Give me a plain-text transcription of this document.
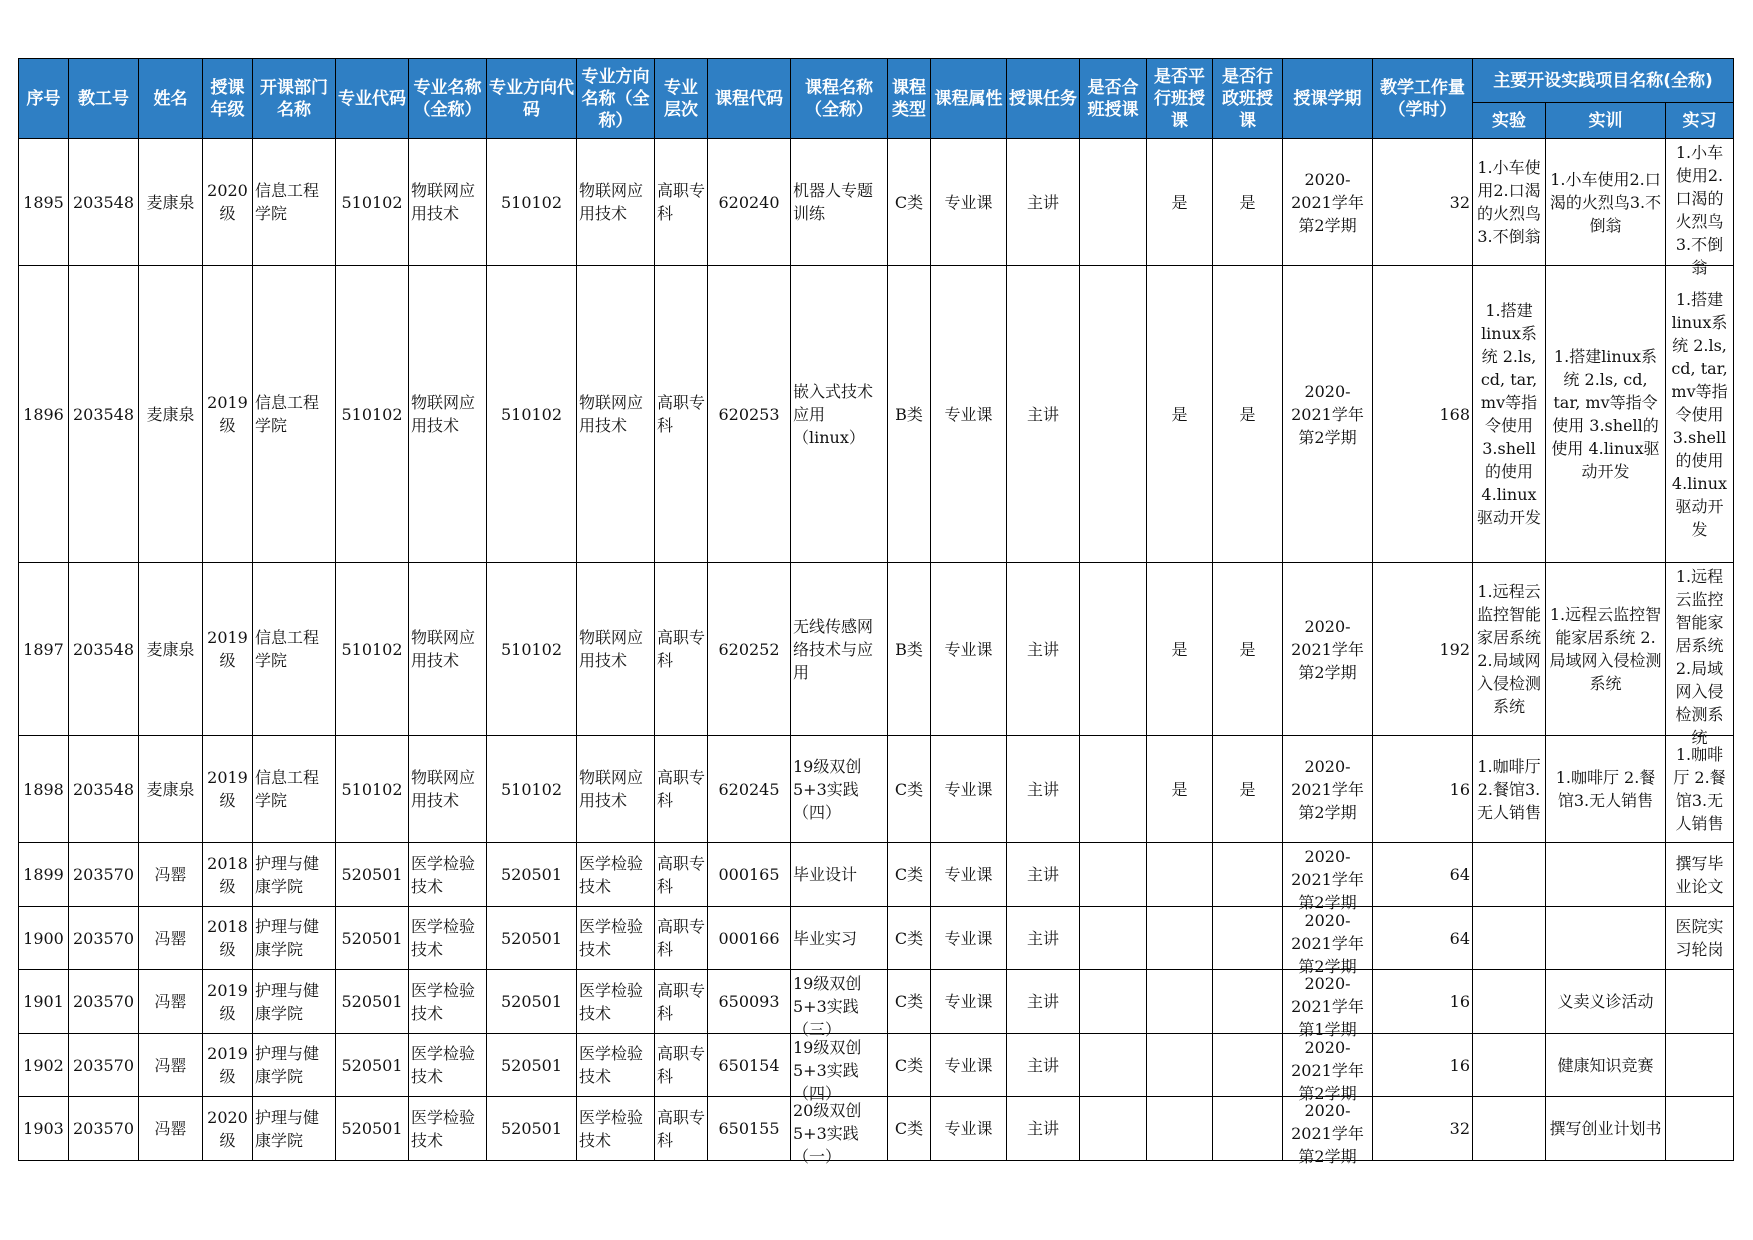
序号	教工号	姓名	授课年级	开课部门名称	专业代码	专业名称（全称）	专业方向代码	专业方向名称（全称）	专业层次	课程代码	课程名称（全称）	课程类型	课程属性	授课任务	是否合班授课	是否平行班授课	是否行政班授课	授课学期	教学工作量（学时）	主要开设实践项目名称(全称)		
																				实验	实训	实习

1895	203548	麦康泉	2020级	信息工程学院	510102	物联网应用技术	510102	物联网应用技术	高职专科	620240	机器人专题训练	C类	专业课	主讲		是	是	2020-2021学年第2学期	32	1.小车使用2.口渴的火烈鸟3.不倒翁	1.小车使用2.口渴的火烈鸟3.不倒翁	1.小车使用2.口渴的火烈鸟3.不倒翁

1896	203548	麦康泉	2019级	信息工程学院	510102	物联网应用技术	510102	物联网应用技术	高职专科	620253	嵌入式技术应用（linux）	B类	专业课	主讲		是	是	2020-2021学年第2学期	168	1.搭建linux系统 2.ls, cd, tar, mv等指令使用 3.shell的使用 4.linux驱动开发	1.搭建linux系统 2.ls, cd, tar, mv等指令使用 3.shell的使用 4.linux驱动开发	1.搭建linux系统 2.ls, cd, tar, mv等指令使用 3.shell的使用 4.linux驱动开发

1897	203548	麦康泉	2019级	信息工程学院	510102	物联网应用技术	510102	物联网应用技术	高职专科	620252	无线传感网络技术与应用	B类	专业课	主讲		是	是	2020-2021学年第2学期	192	1.远程云监控智能家居系统 2.局域网入侵检测系统	1.远程云监控智能家居系统 2.局域网入侵检测系统	1.远程云监控智能家居系统 2.局域网入侵检测系统

1898	203548	麦康泉	2019级	信息工程学院	510102	物联网应用技术	510102	物联网应用技术	高职专科	620245	19级双创5+3实践（四）	C类	专业课	主讲		是	是	2020-2021学年第2学期	16	1.咖啡厅 2.餐馆3.无人销售	1.咖啡厅 2.餐馆3.无人销售	1.咖啡厅 2.餐馆3.无人销售

1899	203570	冯罂	2018级	护理与健康学院	520501	医学检验技术	520501	医学检验技术	高职专科	000165	毕业设计	C类	专业课	主讲				2020-2021学年第2学期	64			撰写毕业论文

1900	203570	冯罂	2018级	护理与健康学院	520501	医学检验技术	520501	医学检验技术	高职专科	000166	毕业实习	C类	专业课	主讲				2020-2021学年第2学期	64			医院实习轮岗

1901	203570	冯罂	2019级	护理与健康学院	520501	医学检验技术	520501	医学检验技术	高职专科	650093	19级双创5+3实践（三）	C类	专业课	主讲				2020-2021学年第1学期	16		义卖义诊活动	

1902	203570	冯罂	2019级	护理与健康学院	520501	医学检验技术	520501	医学检验技术	高职专科	650154	19级双创5+3实践（四）	C类	专业课	主讲				2020-2021学年第2学期	16		健康知识竞赛	

1903	203570	冯罂	2020级	护理与健康学院	520501	医学检验技术	520501	医学检验技术	高职专科	650155	20级双创5+3实践（一）	C类	专业课	主讲				2020-2021学年第2学期	32		撰写创业计划书	
